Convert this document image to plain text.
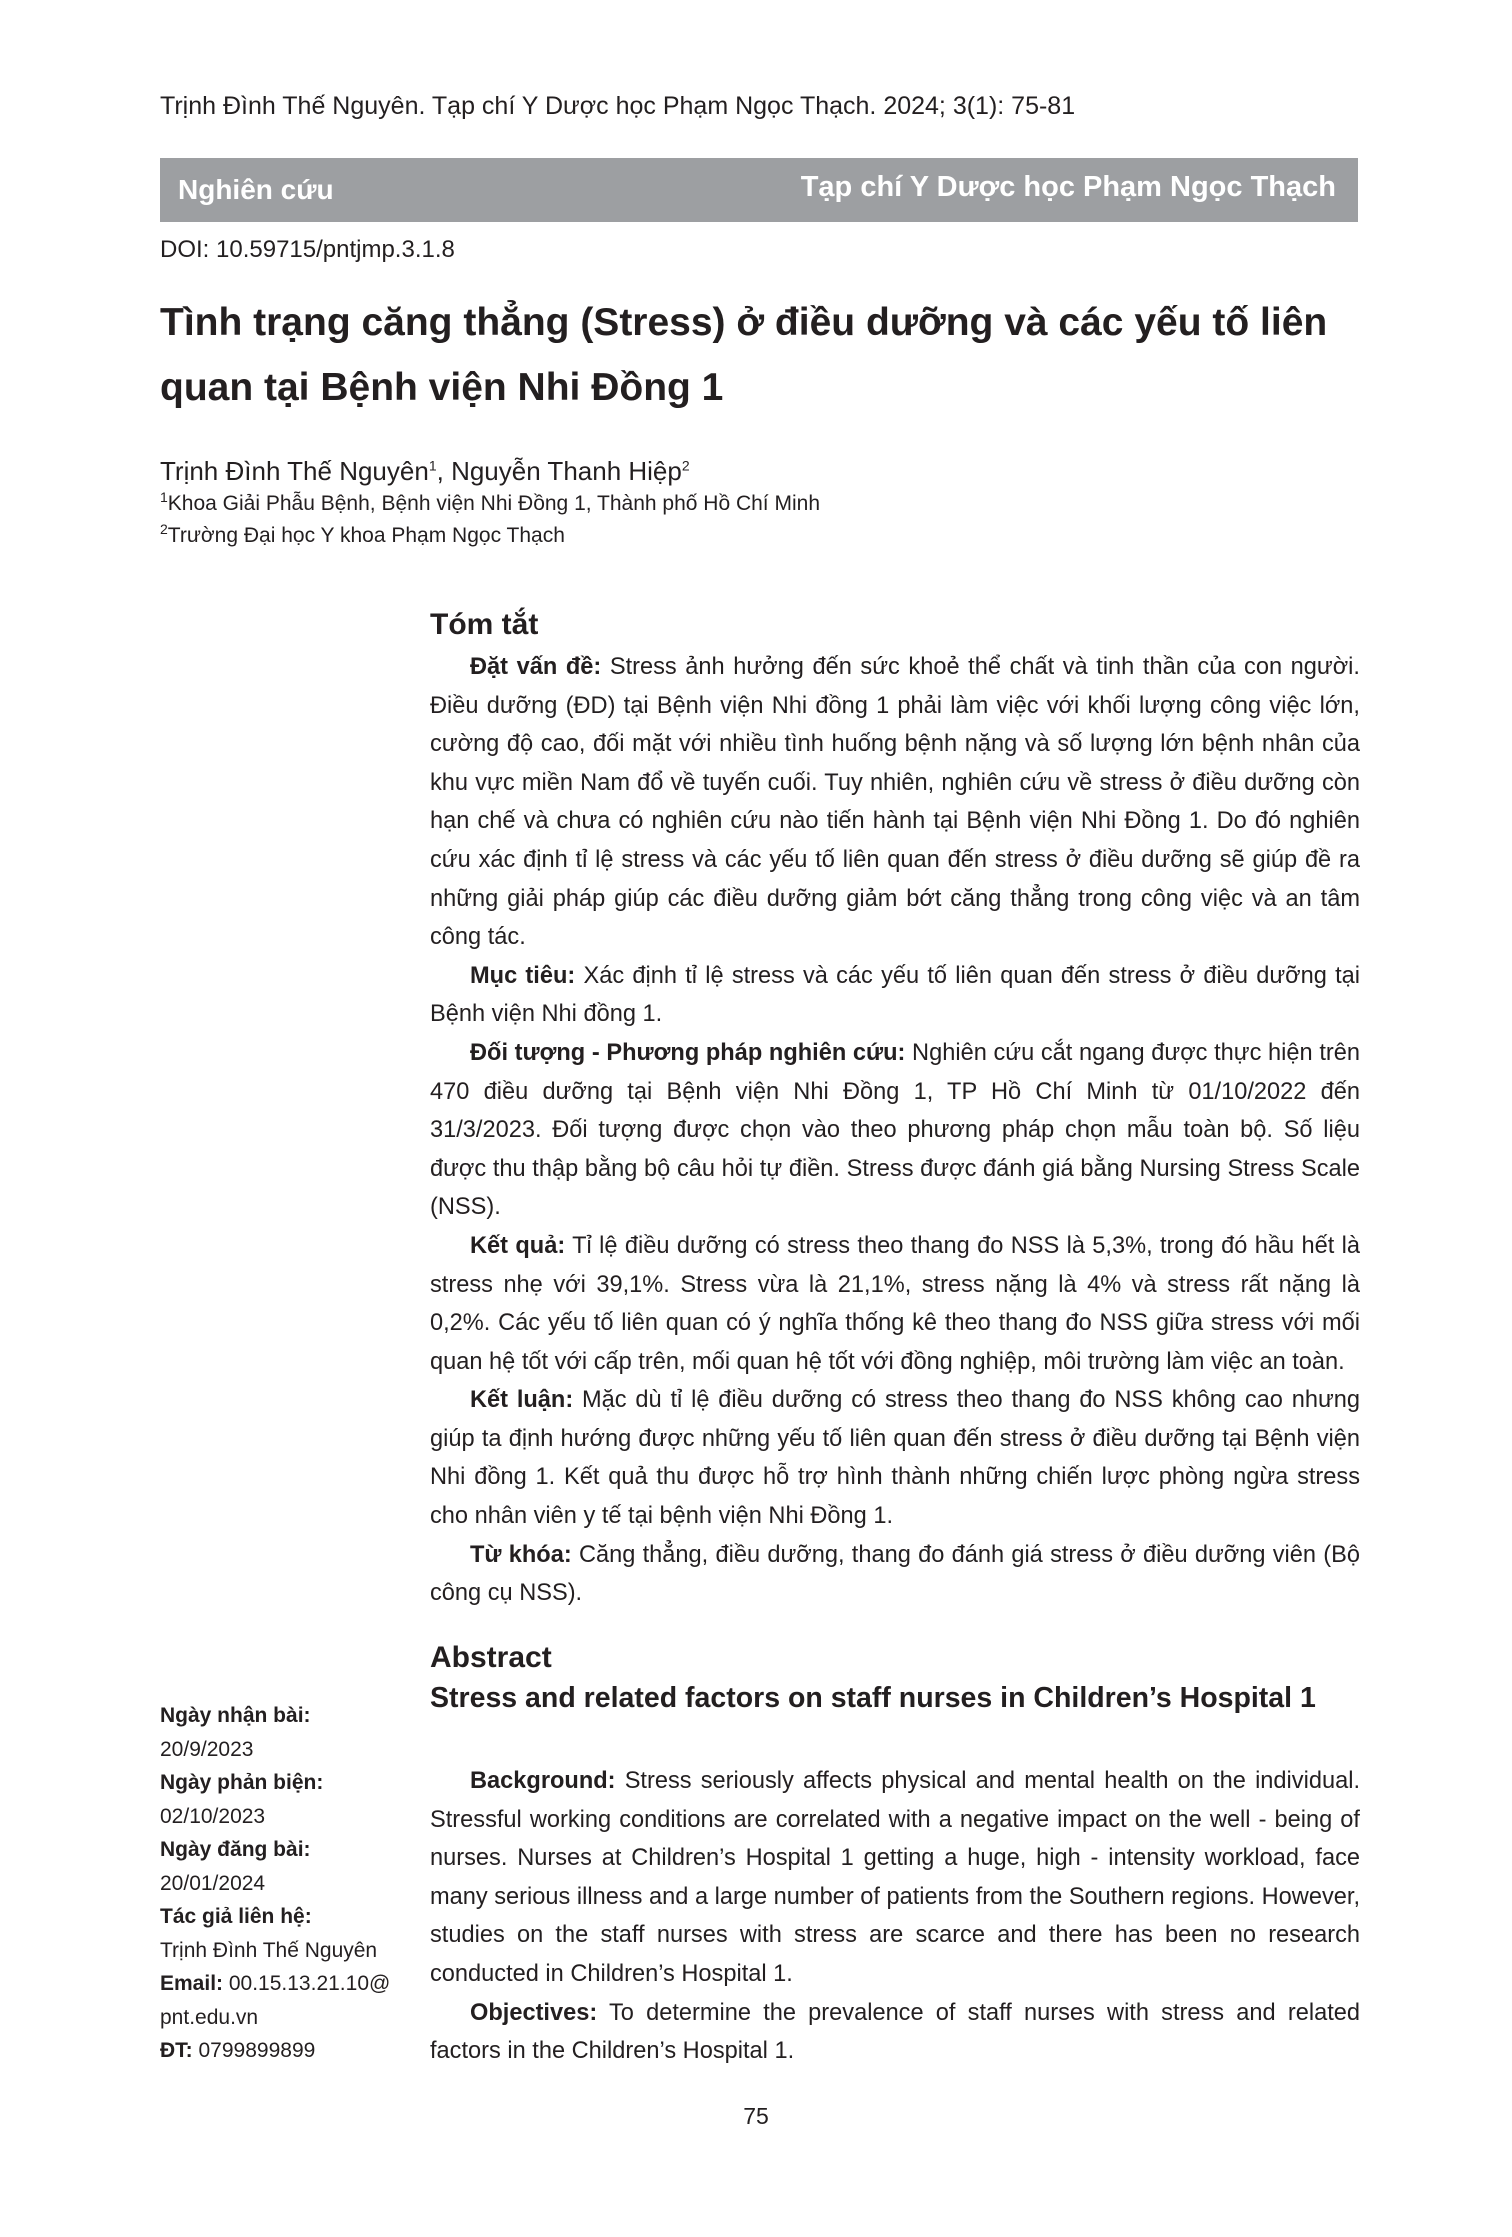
Trịnh Đình Thế Nguyên. Tạp chí Y Dược học Phạm Ngọc Thạch. 2024; 3(1): 75-81
Nghiên cứu	Tạp chí Y Dược học Phạm Ngọc Thạch
DOI: 10.59715/pntjmp.3.1.8
Tình trạng căng thẳng (Stress) ở điều dưỡng và các yếu tố liên quan tại Bệnh viện Nhi Đồng 1
Trịnh Đình Thế Nguyên$^1$, Nguyễn Thanh Hiệp$^2$
$^1$Khoa Giải Phẫu Bệnh, Bệnh viện Nhi Đồng 1, Thành phố Hồ Chí Minh
$^2$Trường Đại học Y khoa Phạm Ngọc Thạch
Tóm tắt

Đặt vấn đề: Stress ảnh hưởng đến sức khoẻ thể chất và tinh thần của con người. Điều dưỡng (ĐD) tại Bệnh viện Nhi đồng 1 phải làm việc với khối lượng công việc lớn, cường độ cao, đối mặt với nhiều tình huống bệnh nặng và số lượng lớn bệnh nhân của khu vực miền Nam đổ về tuyến cuối. Tuy nhiên, nghiên cứu về stress ở điều dưỡng còn hạn chế và chưa có nghiên cứu nào tiến hành tại Bệnh viện Nhi Đồng 1. Do đó nghiên cứu xác định tỉ lệ stress và các yếu tố liên quan đến stress ở điều dưỡng sẽ giúp đề ra những giải pháp giúp các điều dưỡng giảm bớt căng thẳng trong công việc và an tâm công tác.

Mục tiêu: Xác định tỉ lệ stress và các yếu tố liên quan đến stress ở điều dưỡng tại Bệnh viện Nhi đồng 1.

Đối tượng - Phương pháp nghiên cứu: Nghiên cứu cắt ngang được thực hiện trên 470 điều dưỡng tại Bệnh viện Nhi Đồng 1, TP Hồ Chí Minh từ 01/10/2022 đến 31/3/2023. Đối tượng được chọn vào theo phương pháp chọn mẫu toàn bộ. Số liệu được thu thập bằng bộ câu hỏi tự điền. Stress được đánh giá bằng Nursing Stress Scale (NSS).

Kết quả: Tỉ lệ điều dưỡng có stress theo thang đo NSS là 5,3%, trong đó hầu hết là stress nhẹ với 39,1%. Stress vừa là 21,1%, stress nặng là 4% và stress rất nặng là 0,2%. Các yếu tố liên quan có ý nghĩa thống kê theo thang đo NSS giữa stress với mối quan hệ tốt với cấp trên, mối quan hệ tốt với đồng nghiệp, môi trường làm việc an toàn.

Kết luận: Mặc dù tỉ lệ điều dưỡng có stress theo thang đo NSS không cao nhưng giúp ta định hướng được những yếu tố liên quan đến stress ở điều dưỡng tại Bệnh viện Nhi đồng 1. Kết quả thu được hỗ trợ hình thành những chiến lược phòng ngừa stress cho nhân viên y tế tại bệnh viện Nhi Đồng 1.

Từ khóa: Căng thẳng, điều dưỡng, thang đo đánh giá stress ở điều dưỡng viên (Bộ công cụ NSS).

Abstract
Stress and related factors on staff nurses in Children’s Hospital 1

Background: Stress seriously affects physical and mental health on the individual. Stressful working conditions are correlated with a negative impact on the well - being of nurses. Nurses at Children’s Hospital 1 getting a huge, high - intensity workload, face many serious illness and a large number of patients from the Southern regions. However, studies on the staff nurses with stress are scarce and there has been no research conducted in Children’s Hospital 1.

Objectives: To determine the prevalence of staff nurses with stress and related factors in the Children’s Hospital 1.

Ngày nhận bài:
20/9/2023
Ngày phản biện:
02/10/2023
Ngày đăng bài:
20/01/2024
Tác giả liên hệ:
Trịnh Đình Thế Nguyên
Email: 00.15.13.21.10@
pnt.edu.vn
ĐT: 0799899899
75
